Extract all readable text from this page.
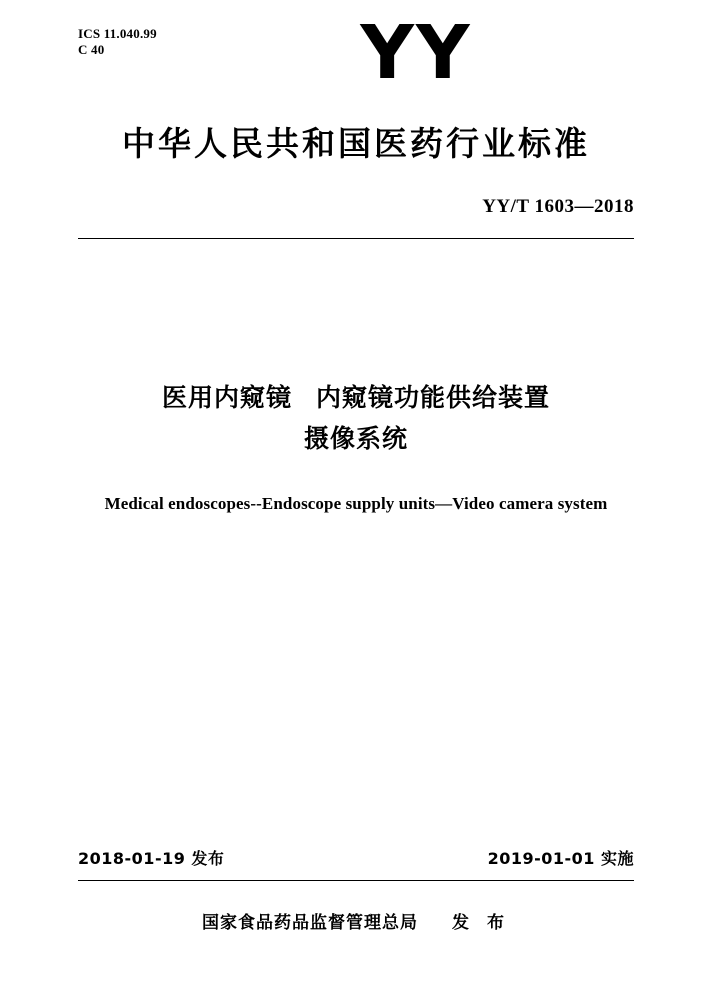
ICS 11.040.99
C 40	YY
中华人民共和国医药行业标准
YY/T 1603—2018
医用内窥镜 内窥镜功能供给装置
摄像系统
Medical endoscopes--Endoscope supply units—Video camera system
2018-01-19 发布	2019-01-01 实施
国家食品药品监督管理总局 发 布
